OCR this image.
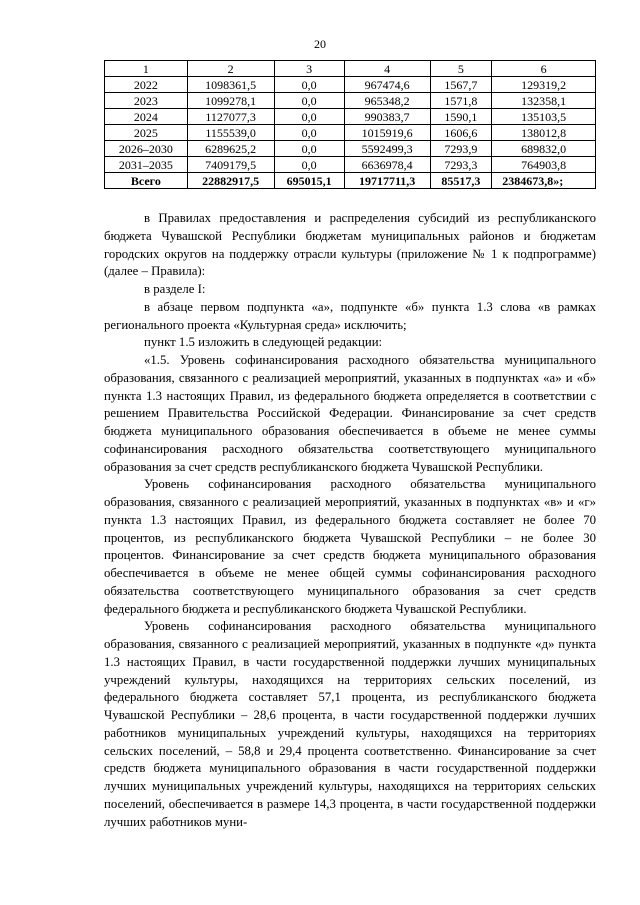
20
1	2	3	4	5	6
2022	1098361,5	0,0	967474,6	1567,7	129319,2
2023	1099278,1	0,0	965348,2	1571,8	132358,1
2024	1127077,3	0,0	990383,7	1590,1	135103,5
2025	1155539,0	0,0	1015919,6	1606,6	138012,8
2026–2030	6289625,2	0,0	5592499,3	7293,9	689832,0
2031–2035	7409179,5	0,0	6636978,4	7293,3	764903,8
Всего	22882917,5	695015,1	19717711,3	85517,3	2384673,8»;

в Правилах предоставления и распределения субсидий из республиканского бюджета Чувашской Республики бюджетам муниципальных районов и бюджетам городских округов на поддержку отрасли культуры (приложение № 1 к подпрограмме) (далее – Правила):

в разделе I:

в абзаце первом подпункта «а», подпункте «б» пункта 1.3 слова «в рамках регионального проекта «Культурная среда» исключить;

пункт 1.5 изложить в следующей редакции:

«1.5. Уровень софинансирования расходного обязательства муниципального образования, связанного с реализацией мероприятий, указанных в подпунктах «а» и «б» пункта 1.3 настоящих Правил, из федерального бюджета определяется в соответствии с решением Правительства Российской Федерации. Финансирование за счет средств бюджета муниципального образования обеспечивается в объеме не менее суммы софинансирования расходного обязательства соответствующего муниципального образования за счет средств республиканского бюджета Чувашской Республики.

Уровень софинансирования расходного обязательства муниципального образования, связанного с реализацией мероприятий, указанных в подпунктах «в» и «г» пункта 1.3 настоящих Правил, из федерального бюджета составляет не более 70 процентов, из республиканского бюджета Чувашской Республики – не более 30 процентов. Финансирование за счет средств бюджета муниципального образования обеспечивается в объеме не менее общей суммы софинансирования расходного обязательства соответствующего муниципального образования за счет средств федерального бюджета и республиканского бюджета Чувашской Республики.

Уровень софинансирования расходного обязательства муниципального образования, связанного с реализацией мероприятий, указанных в подпункте «д» пункта 1.3 настоящих Правил, в части государственной поддержки лучших муниципальных учреждений культуры, находящихся на территориях сельских поселений, из федерального бюджета составляет 57,1 процента, из республиканского бюджета Чувашской Республики – 28,6 процента, в части государственной поддержки лучших работников муниципальных учреждений культуры, находящихся на территориях сельских поселений, – 58,8 и 29,4 процента соответственно. Финансирование за счет средств бюджета муниципального образования в части государственной поддержки лучших муниципальных учреждений культуры, находящихся на территориях сельских поселений, обеспечивается в размере 14,3 процента, в части государственной поддержки лучших работников муни-
